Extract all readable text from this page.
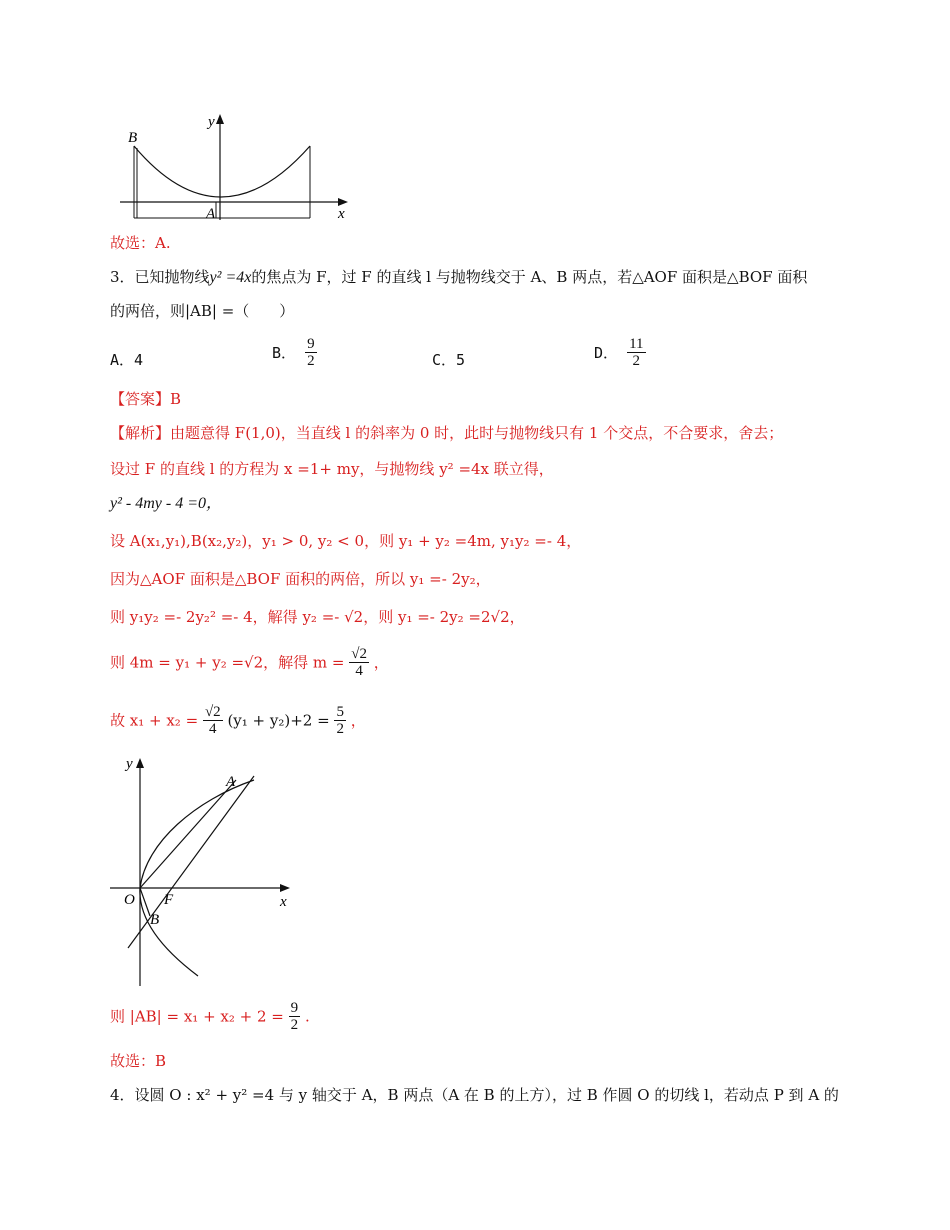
y
x
B
A
故选：A.
3．已知抛物线y² =4x的焦点为 F，过 F 的直线 l 与抛物线交于 A、B 两点，若△AOF 面积是△BOF 面积
的两倍，则|AB| =（　　）
A．4	B． $\frac{9}{2}$	C．5	D． $\frac{11}{2}$
【答案】B
【解析】由题意得 F(1,0)，当直线 l 的斜率为 0 时，此时与抛物线只有 1 个交点，不合要求，舍去；
设过 F 的直线 l 的方程为 x =1+ my，与抛物线 y² =4x 联立得，
y² - 4my - 4 =0，
设 A(x₁,y₁),B(x₂,y₂)，y₁ > 0, y₂ < 0，则 y₁ + y₂ =4m, y₁y₂ =- 4，
因为△AOF 面积是△BOF 面积的两倍，所以 y₁ =- 2y₂，
则 y₁y₂ =- 2y₂² =- 4，解得 y₂ =- √2，则 y₁ =- 2y₂ =2√2，
则 4m = y₁ + y₂ =√2，解得 $m = \frac{√2}{4}$ ，
故 $x_1 + x_2 = \frac{√2}{4} (y_1 + y_2)+2 = \frac{5}{2}$ ，
y
x
A
O F
B
则 $|AB| = x_1 + x_2 + 2 = \frac{9}{2}$ .
故选：B
4．设圆 O : x² + y² =4 与 y 轴交于 A，B 两点（A 在 B 的上方），过 B 作圆 O 的切线 l，若动点 P 到 A 的
